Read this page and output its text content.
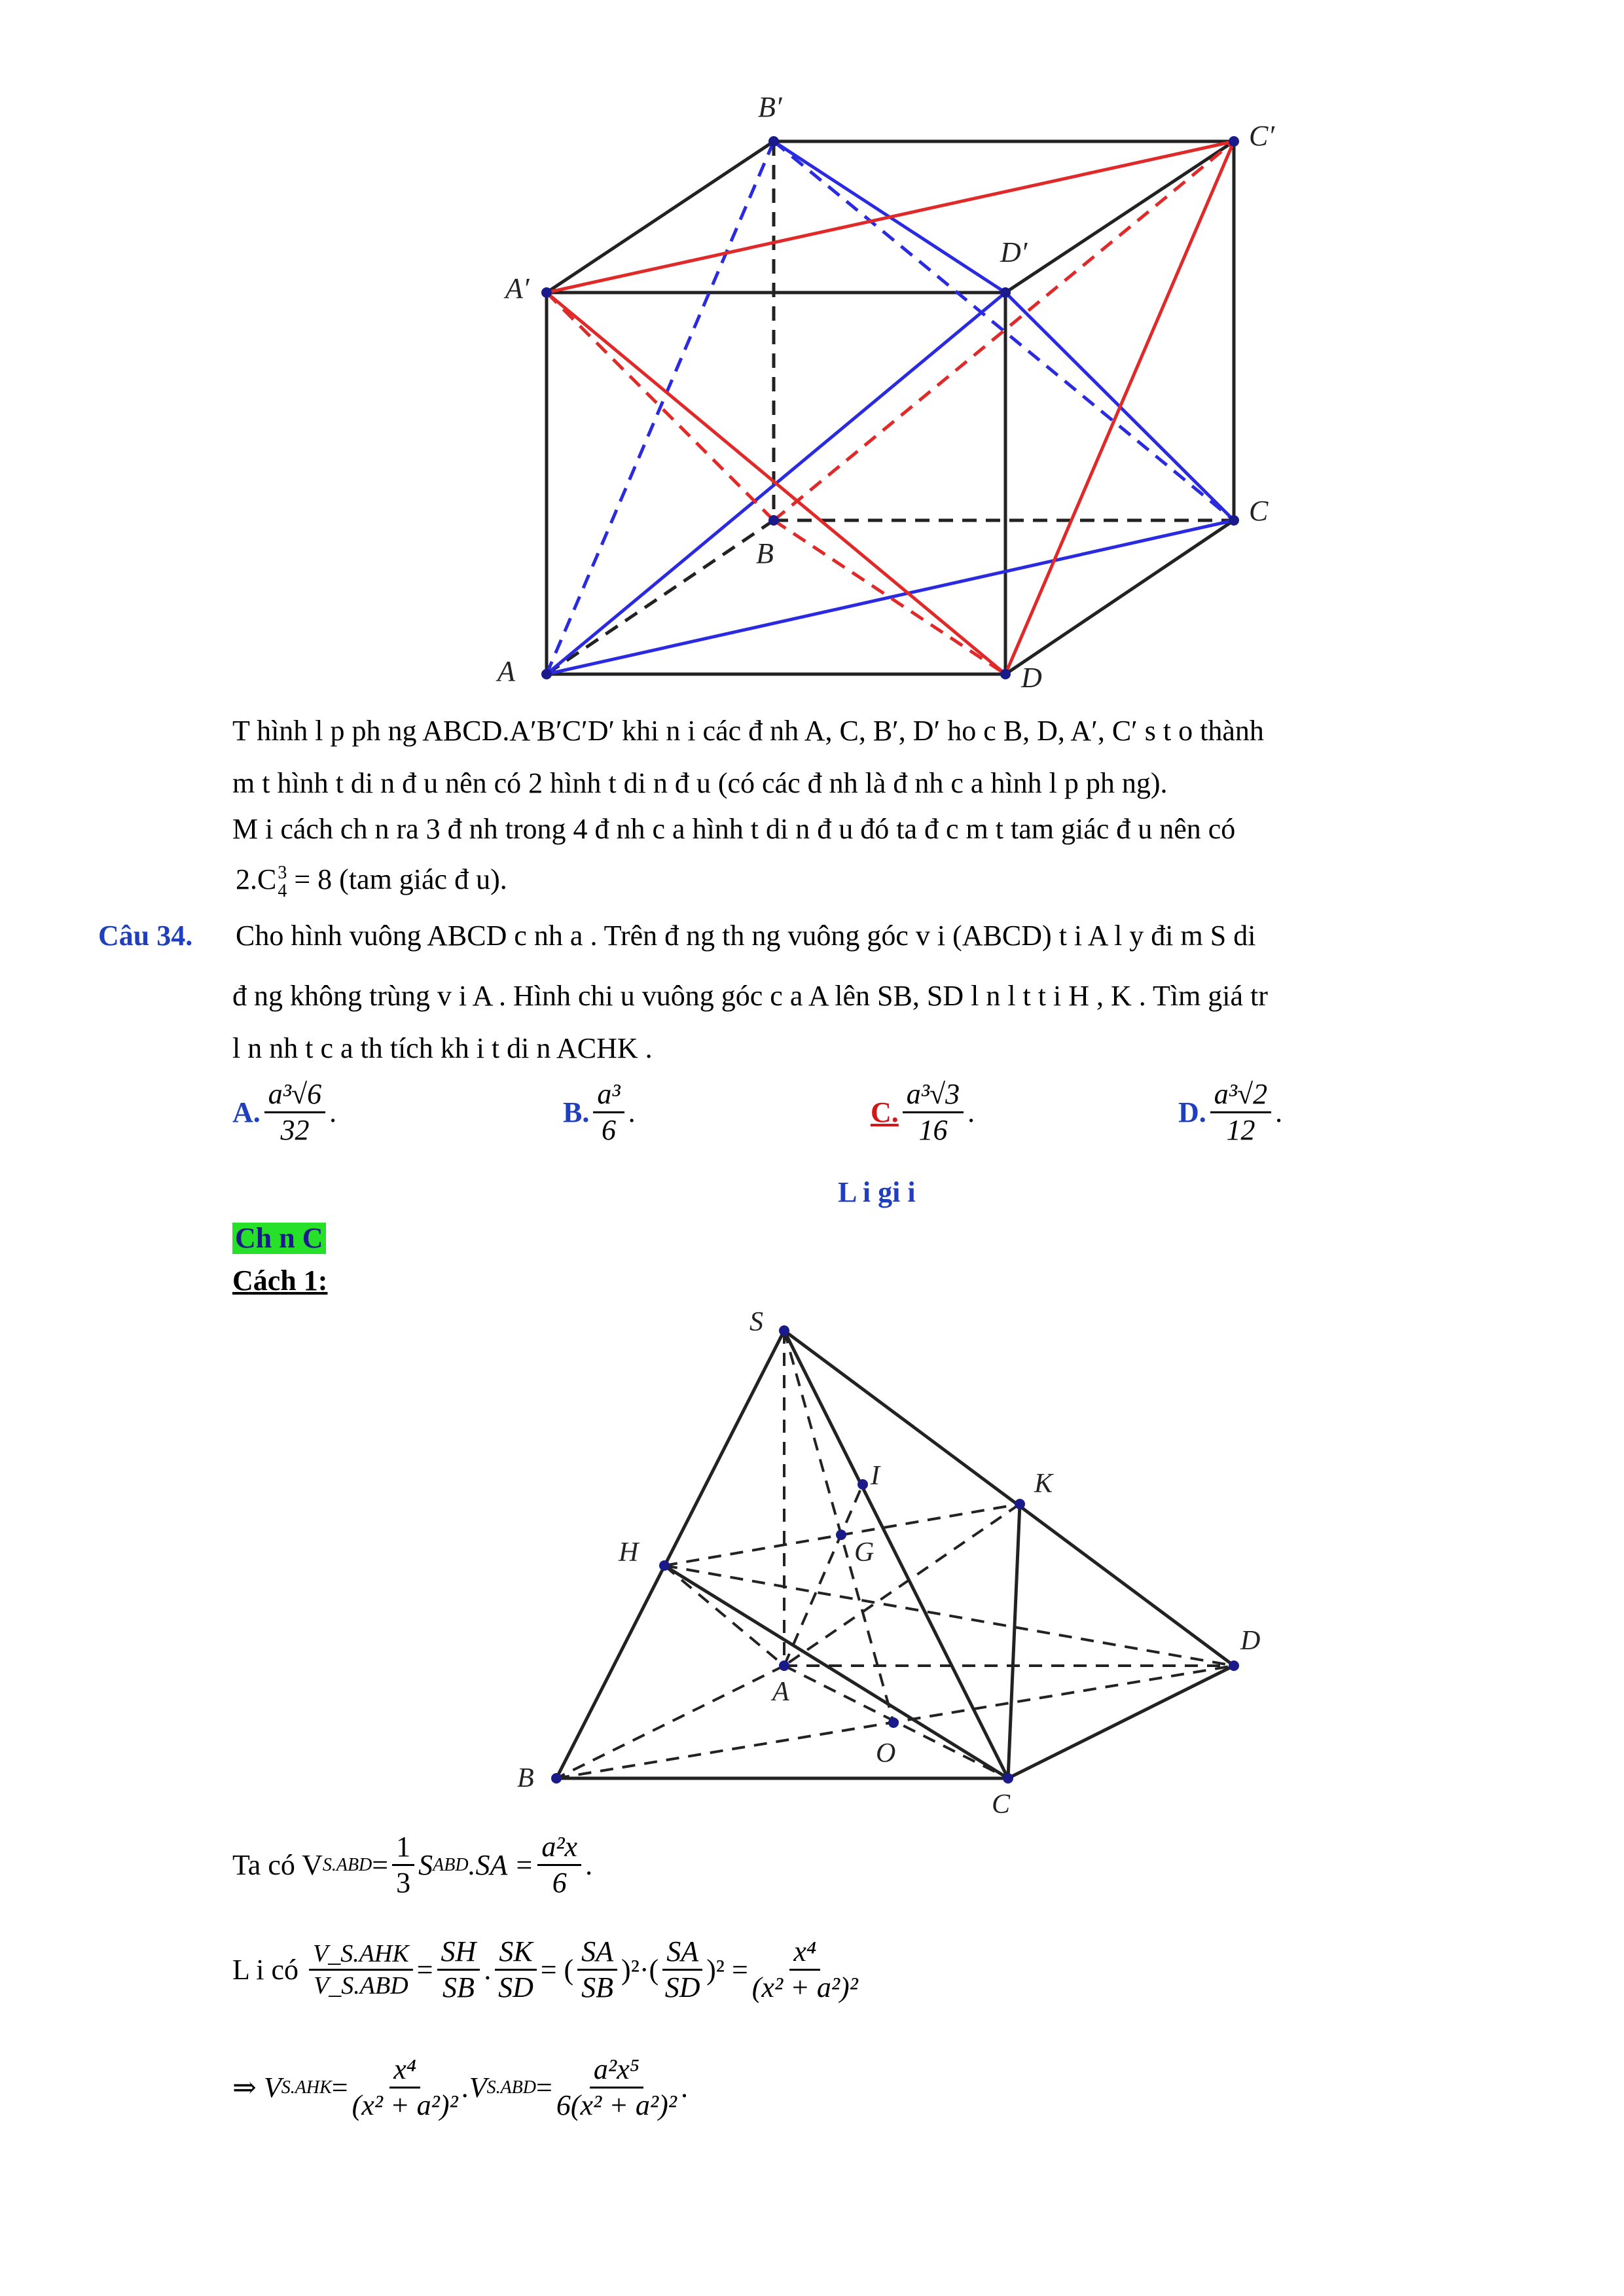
B′
C′
A′
D′
C
B
A	D
T hình l p ph ng ABCD.A′B′C′D′ khi n i các đ nh A, C, B′, D′ ho c B, D, A′, C′ s t o thành
m t hình t di n đ u nên có 2 hình t di n đ u (có các đ nh là đ nh c a hình l p ph ng).
M i cách ch n ra 3 đ nh trong 4 đ nh c a hình t di n đ u đó ta đ c m t tam giác đ u nên có
2.C 3
4 = 8 (tam giác đ u).
Câu 34. Cho hình vuông ABCD c nh a . Trên đ ng th ng vuông góc v i (ABCD) t i A l y đi m S di
đ ng không trùng v i A . Hình chi u vuông góc c a A lên SB, SD l n l t t i H , K . Tìm giá tr
l n nh t c a th tích kh i t di n ACHK .
A. $\frac{\text{a³√6}}{32}$ .	B. $\frac{\text{a³}}{6}$ .	C. $\frac{\text{a³√3}}{16}$ .	D. $\frac{\text{a³√2}}{12}$ .
L i gi i
Ch n C
Cách 1:
S
I	K
H	G
D
A
O
B
C
Ta có V $S.ABD = \frac{1}{3}$ S ABD $.SA = \frac{\text{a²x}}{6}$ .
L i có $\frac{\text{V\_S.AHK}}{\text{V\_S.ABD}} = \frac{SH}{SB}$ . $\frac{SK}{SD}$ = ( $\frac{SA}{SB} )^2\cdot( \frac{SA}{SD} )^2 = \frac{\text{x⁴}}{\text{(x² + a²)²}}$
⇒ V $S.AHK = \frac{\text{x⁴}}{\text{(x² + a²)²}} .V$ $S.ABD = \frac{\text{a²x⁵}}{\text{6(x² + a²)²}}$ .
